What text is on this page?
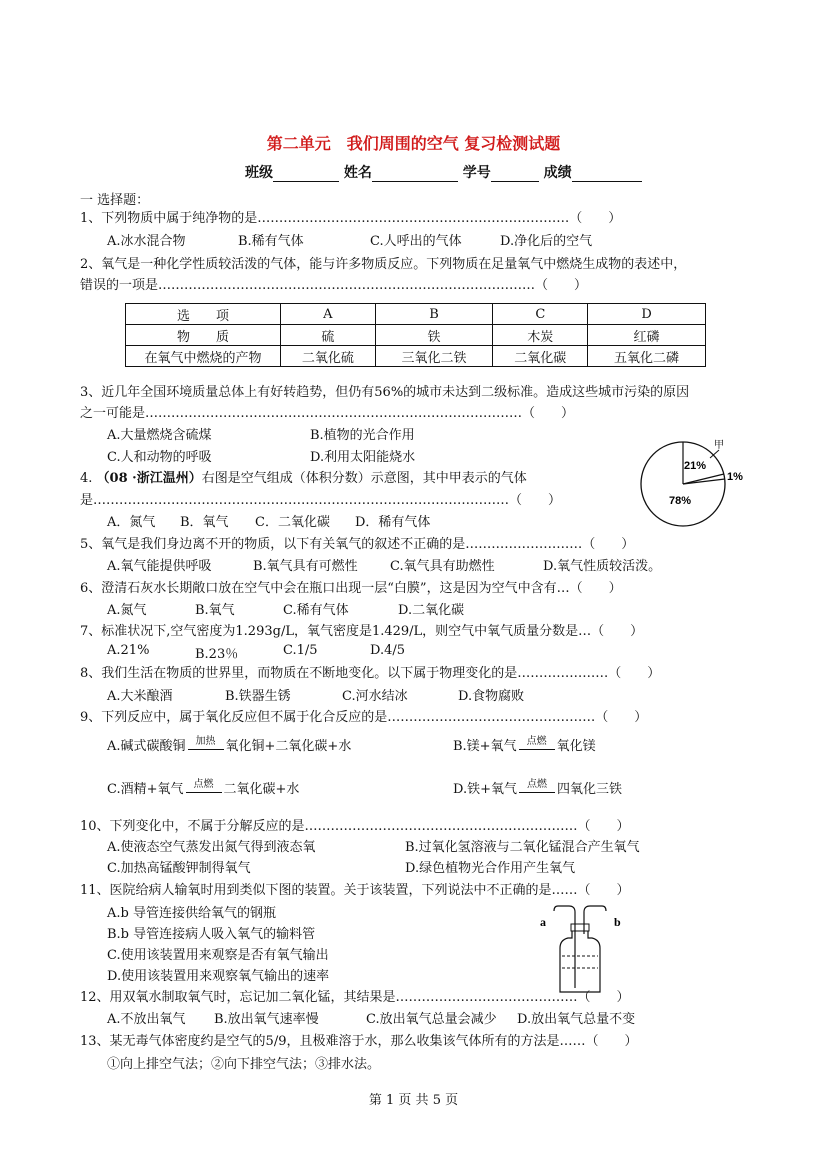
第二单元　我们周围的空气 复习检测试题
班级	姓名	学号	成绩
一 选择题：
1、下列物质中属于纯净物的是………………………………………………………………（　　）
A.冰水混合物	B.稀有气体	C.人呼出的气体	D.净化后的空气
2、氧气是一种化学性质较活泼的气体，能与许多物质反应。下列物质在足量氧气中燃烧生成物的表述中，
错误的一项是……………………………………………………………………………（　　）
选　　项	A	B	C	D
物　　质	硫	铁	木炭	红磷
在氧气中燃烧的产物	二氧化硫	三氧化二铁	二氧化碳	五氧化二磷
3、近几年全国环境质量总体上有好转趋势，但仍有56%的城市未达到二级标准。造成这些城市污染的原因
之一可能是……………………………………………………………………………（　　）
A.大量燃烧含硫煤	B.植物的光合作用
C.人和动物的呼吸	D.利用太阳能烧水
4. （08 ·浙江温州）右图是空气组成（体积分数）示意图，其中甲表示的气体
是……………………………………………………………………………………（　　）
A．氮气 B．氧气 C．二氧化碳 D．稀有气体
甲
21%
1%
78%
5、氧气是我们身边离不开的物质，以下有关氧气的叙述不正确的是………………………（　　）
A.氧气能提供呼吸	B.氧气具有可燃性 C.氧气具有助燃性	D.氧气性质较活泼。
6、澄清石灰水长期敞口放在空气中会在瓶口出现一层“白膜”，这是因为空气中含有…（　　）
A.氮气	B.氧气	C.稀有气体	D.二氧化碳
7、标准状况下,空气密度为1.293g/L，氧气密度是1.429/L，则空气中氧气质量分数是…（　　）
A.21%	B.23％	C.1/5	D.4/5
8、我们生活在物质的世界里，而物质在不断地变化。以下属于物理变化的是…………………（　　）
A.大米酿酒	B.铁器生锈	C.河水结冰	D.食物腐败
9、下列反应中，属于氧化反应但不属于化合反应的是…………………………………………（　　）
A.碱式碳酸铜	加热 氧化铜+二氧化碳+水	B.镁+氧气	点燃 氧化镁
C.酒精+氧气	点燃 二氧化碳+水	D.铁+氧气	点燃 四氧化三铁
10、下列变化中，不属于分解反应的是………………………………………………………（　　）
A.使液态空气蒸发出氮气得到液态氧	B.过氧化氢溶液与二氧化锰混合产生氧气
C.加热高锰酸钾制得氧气	D.绿色植物光合作用产生氧气
11、医院给病人输氧时用到类似下图的装置。关于该装置，下列说法中不正确的是……（　　）
A.b 导管连接供给氧气的钢瓶
B.b 导管连接病人吸入氧气的输料管
C.使用该装置用来观察是否有氧气输出
D.使用该装置用来观察氧气输出的速率
a	b
12、用双氧水制取氧气时，忘记加二氧化锰，其结果是……………………………………（　　）
A.不放出氧气 B.放出氧气速率慢	C.放出氧气总量会减少 D.放出氧气总量不变
13、某无毒气体密度约是空气的5/9，且极难溶于水，那么收集该气体所有的方法是……（　　）
①向上排空气法；②向下排空气法；③排水法。
第 1 页 共 5 页
